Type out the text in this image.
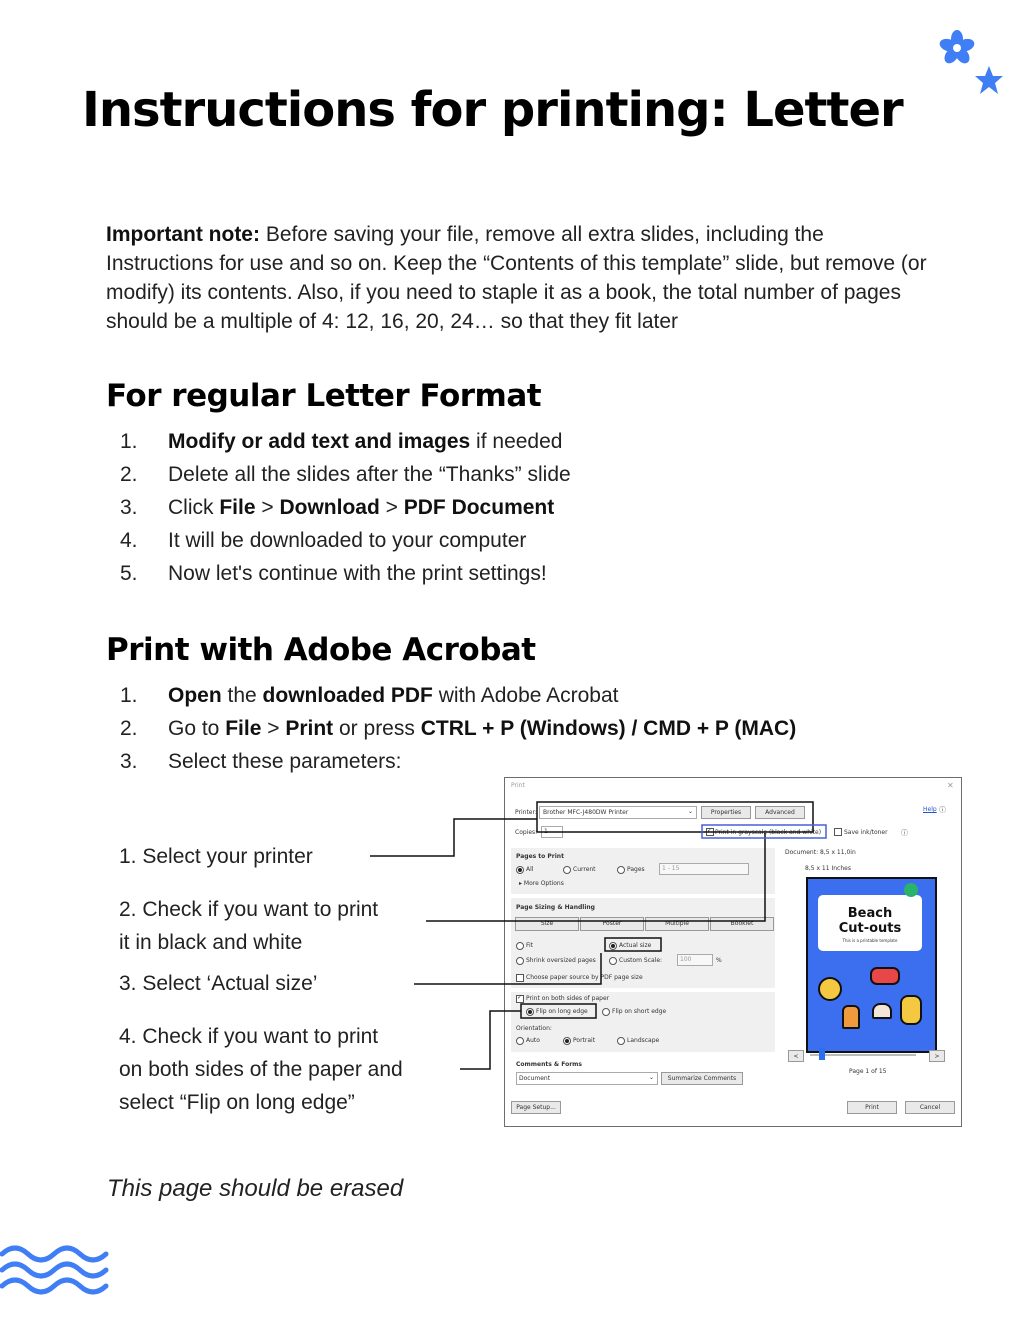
Instructions for printing: Letter
Important note: Before saving your file, remove all extra slides, including the Instructions for use and so on. Keep the “Contents of this template” slide, but remove (or modify) its contents. Also, if you need to staple it as a book, the total number of pages should be a multiple of 4: 12, 16, 20, 24… so that they fit later
For regular Letter Format
1. Modify or add text and images if needed
2. Delete all the slides after the “Thanks” slide
3. Click File > Download > PDF Document
4. It will be downloaded to your computer
5. Now let's continue with the print settings!
Print with Adobe Acrobat
1. Open the downloaded PDF with Adobe Acrobat
2. Go to File > Print or press CTRL + P (Windows) / CMD + P (MAC)
3. Select these parameters:
1. Select your printer
2. Check if you want to print
it in black and white
3. Select ‘Actual size’
4. Check if you want to print
on both sides of the paper and
select “Flip on long edge”
Print	✕
Printer: Brother MFC-J480DW Printer	⌄	Properties	Advanced	Help ⓘ
Copies: 1	✓ Print in grayscale (black and white)	Save ink/toner ⓘ
Pages to Print
All	Current	Pages	1 - 15
▸ More Options
Page Sizing & Handling
Size	Poster	Multiple	Booklet
Fit	Actual size
Shrink oversized pages	Custom Scale:	100	%
Choose paper source by PDF page size
✓ Print on both sides of paper
Flip on long edge	Flip on short edge
Orientation:
Auto	Portrait	Landscape
Comments & Forms
Document	⌄	Summarize Comments
Page Setup...	Print	Cancel
Document: 8,5 x 11,0in
8,5 x 11 Inches
Beach
Cut-outs
This is a printable template
<	>
Page 1 of 15
This page should be erased
